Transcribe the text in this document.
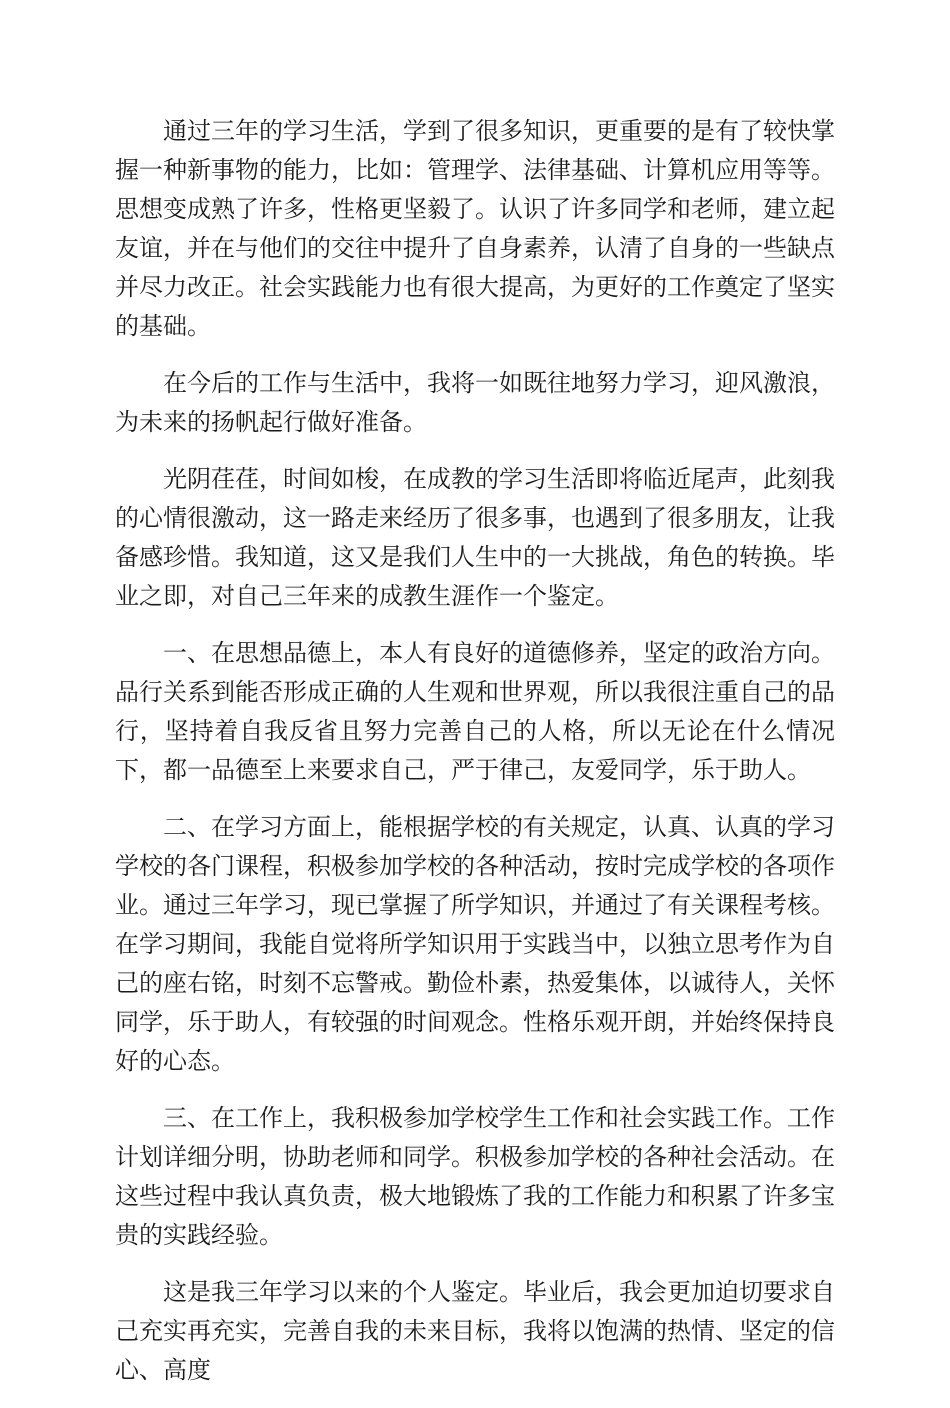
通过三年的学习生活，学到了很多知识，更重要的是有了较快掌握一种新事物的能力，比如：管理学、法律基础、计算机应用等等。思想变成熟了许多，性格更坚毅了。认识了许多同学和老师，建立起友谊，并在与他们的交往中提升了自身素养，认清了自身的一些缺点并尽力改正。社会实践能力也有很大提高，为更好的工作奠定了坚实的基础。

在今后的工作与生活中，我将一如既往地努力学习，迎风激浪，为未来的扬帆起行做好准备。

光阴荏荏，时间如梭，在成教的学习生活即将临近尾声，此刻我的心情很激动，这一路走来经历了很多事，也遇到了很多朋友，让我备感珍惜。我知道，这又是我们人生中的一大挑战，角色的转换。毕业之即，对自己三年来的成教生涯作一个鉴定。

一、在思想品德上，本人有良好的道德修养，坚定的政治方向。品行关系到能否形成正确的人生观和世界观，所以我很注重自己的品行，坚持着自我反省且努力完善自己的人格，所以无论在什么情况下，都一品德至上来要求自己，严于律己，友爱同学，乐于助人。

二、在学习方面上，能根据学校的有关规定，认真、认真的学习学校的各门课程，积极参加学校的各种活动，按时完成学校的各项作业。通过三年学习，现已掌握了所学知识，并通过了有关课程考核。在学习期间，我能自觉将所学知识用于实践当中，以独立思考作为自己的座右铭，时刻不忘警戒。勤俭朴素，热爱集体，以诚待人，关怀同学，乐于助人，有较强的时间观念。性格乐观开朗，并始终保持良好的心态。

三、在工作上，我积极参加学校学生工作和社会实践工作。工作计划详细分明，协助老师和同学。积极参加学校的各种社会活动。在这些过程中我认真负责，极大地锻炼了我的工作能力和积累了许多宝贵的实践经验。

这是我三年学习以来的个人鉴定。毕业后，我会更加迫切要求自己充实再充实，完善自我的未来目标，我将以饱满的热情、坚定的信心、高度
